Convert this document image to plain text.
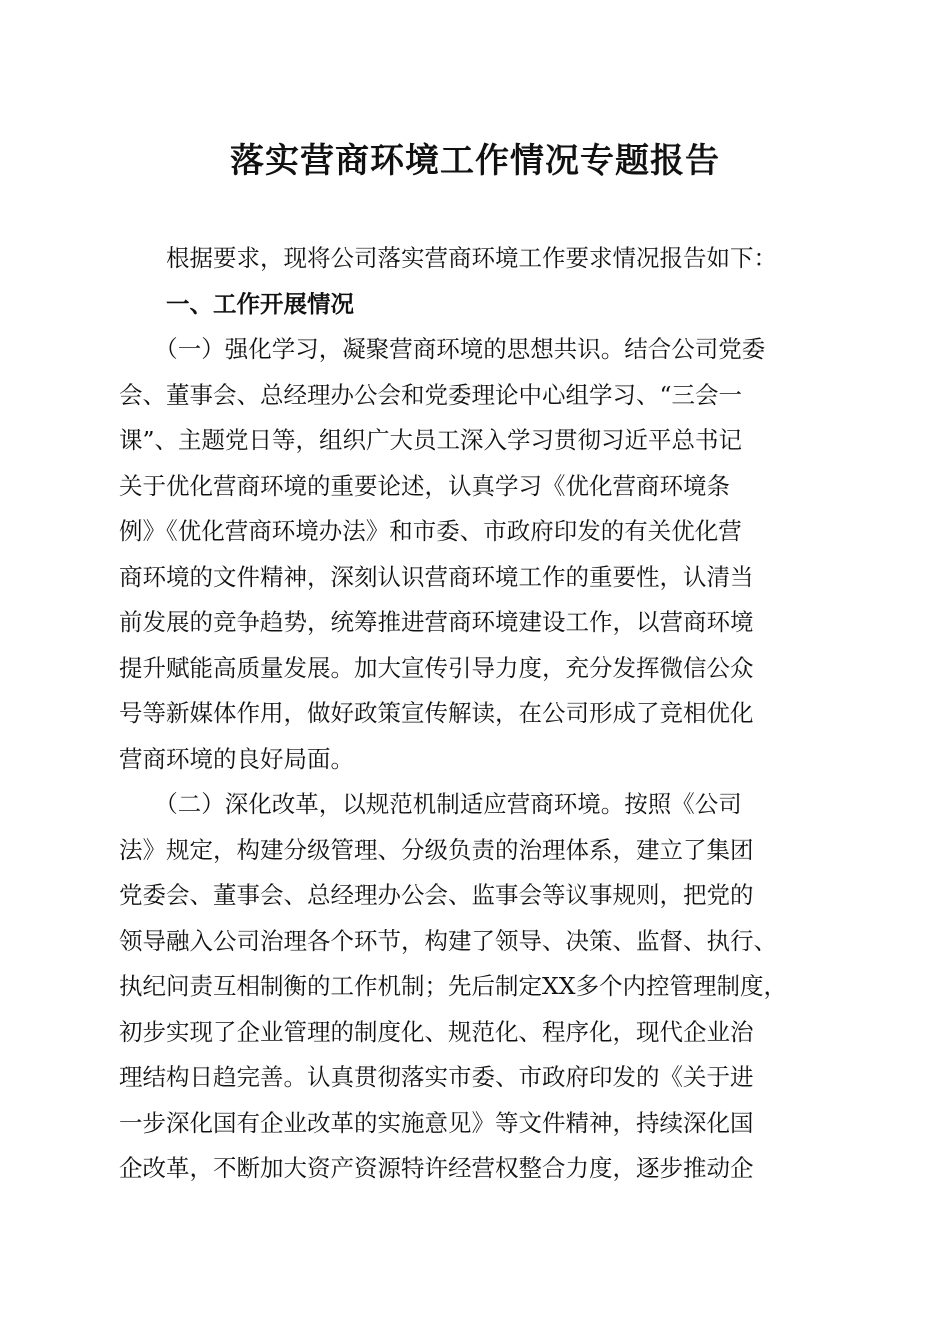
落实营商环境工作情况专题报告
　　根据要求，现将公司落实营商环境工作要求情况报告如下：
　　一、工作开展情况
　　（一）强化学习，凝聚营商环境的思想共识。结合公司党委
会、董事会、总经理办公会和党委理论中心组学习、“三会一
课”、主题党日等，组织广大员工深入学习贯彻习近平总书记
关于优化营商环境的重要论述，认真学习《优化营商环境条
例》《优化营商环境办法》和市委、市政府印发的有关优化营
商环境的文件精神，深刻认识营商环境工作的重要性，认清当
前发展的竞争趋势，统筹推进营商环境建设工作，以营商环境
提升赋能高质量发展。加大宣传引导力度，充分发挥微信公众
号等新媒体作用，做好政策宣传解读，在公司形成了竞相优化
营商环境的良好局面。
　　（二）深化改革，以规范机制适应营商环境。按照《公司
法》规定，构建分级管理、分级负责的治理体系，建立了集团
党委会、董事会、总经理办公会、监事会等议事规则，把党的
领导融入公司治理各个环节，构建了领导、决策、监督、执行、
执纪问责互相制衡的工作机制；先后制定XX多个内控管理制度，
初步实现了企业管理的制度化、规范化、程序化，现代企业治
理结构日趋完善。认真贯彻落实市委、市政府印发的《关于进
一步深化国有企业改革的实施意见》等文件精神，持续深化国
企改革，不断加大资产资源特许经营权整合力度，逐步推动企
